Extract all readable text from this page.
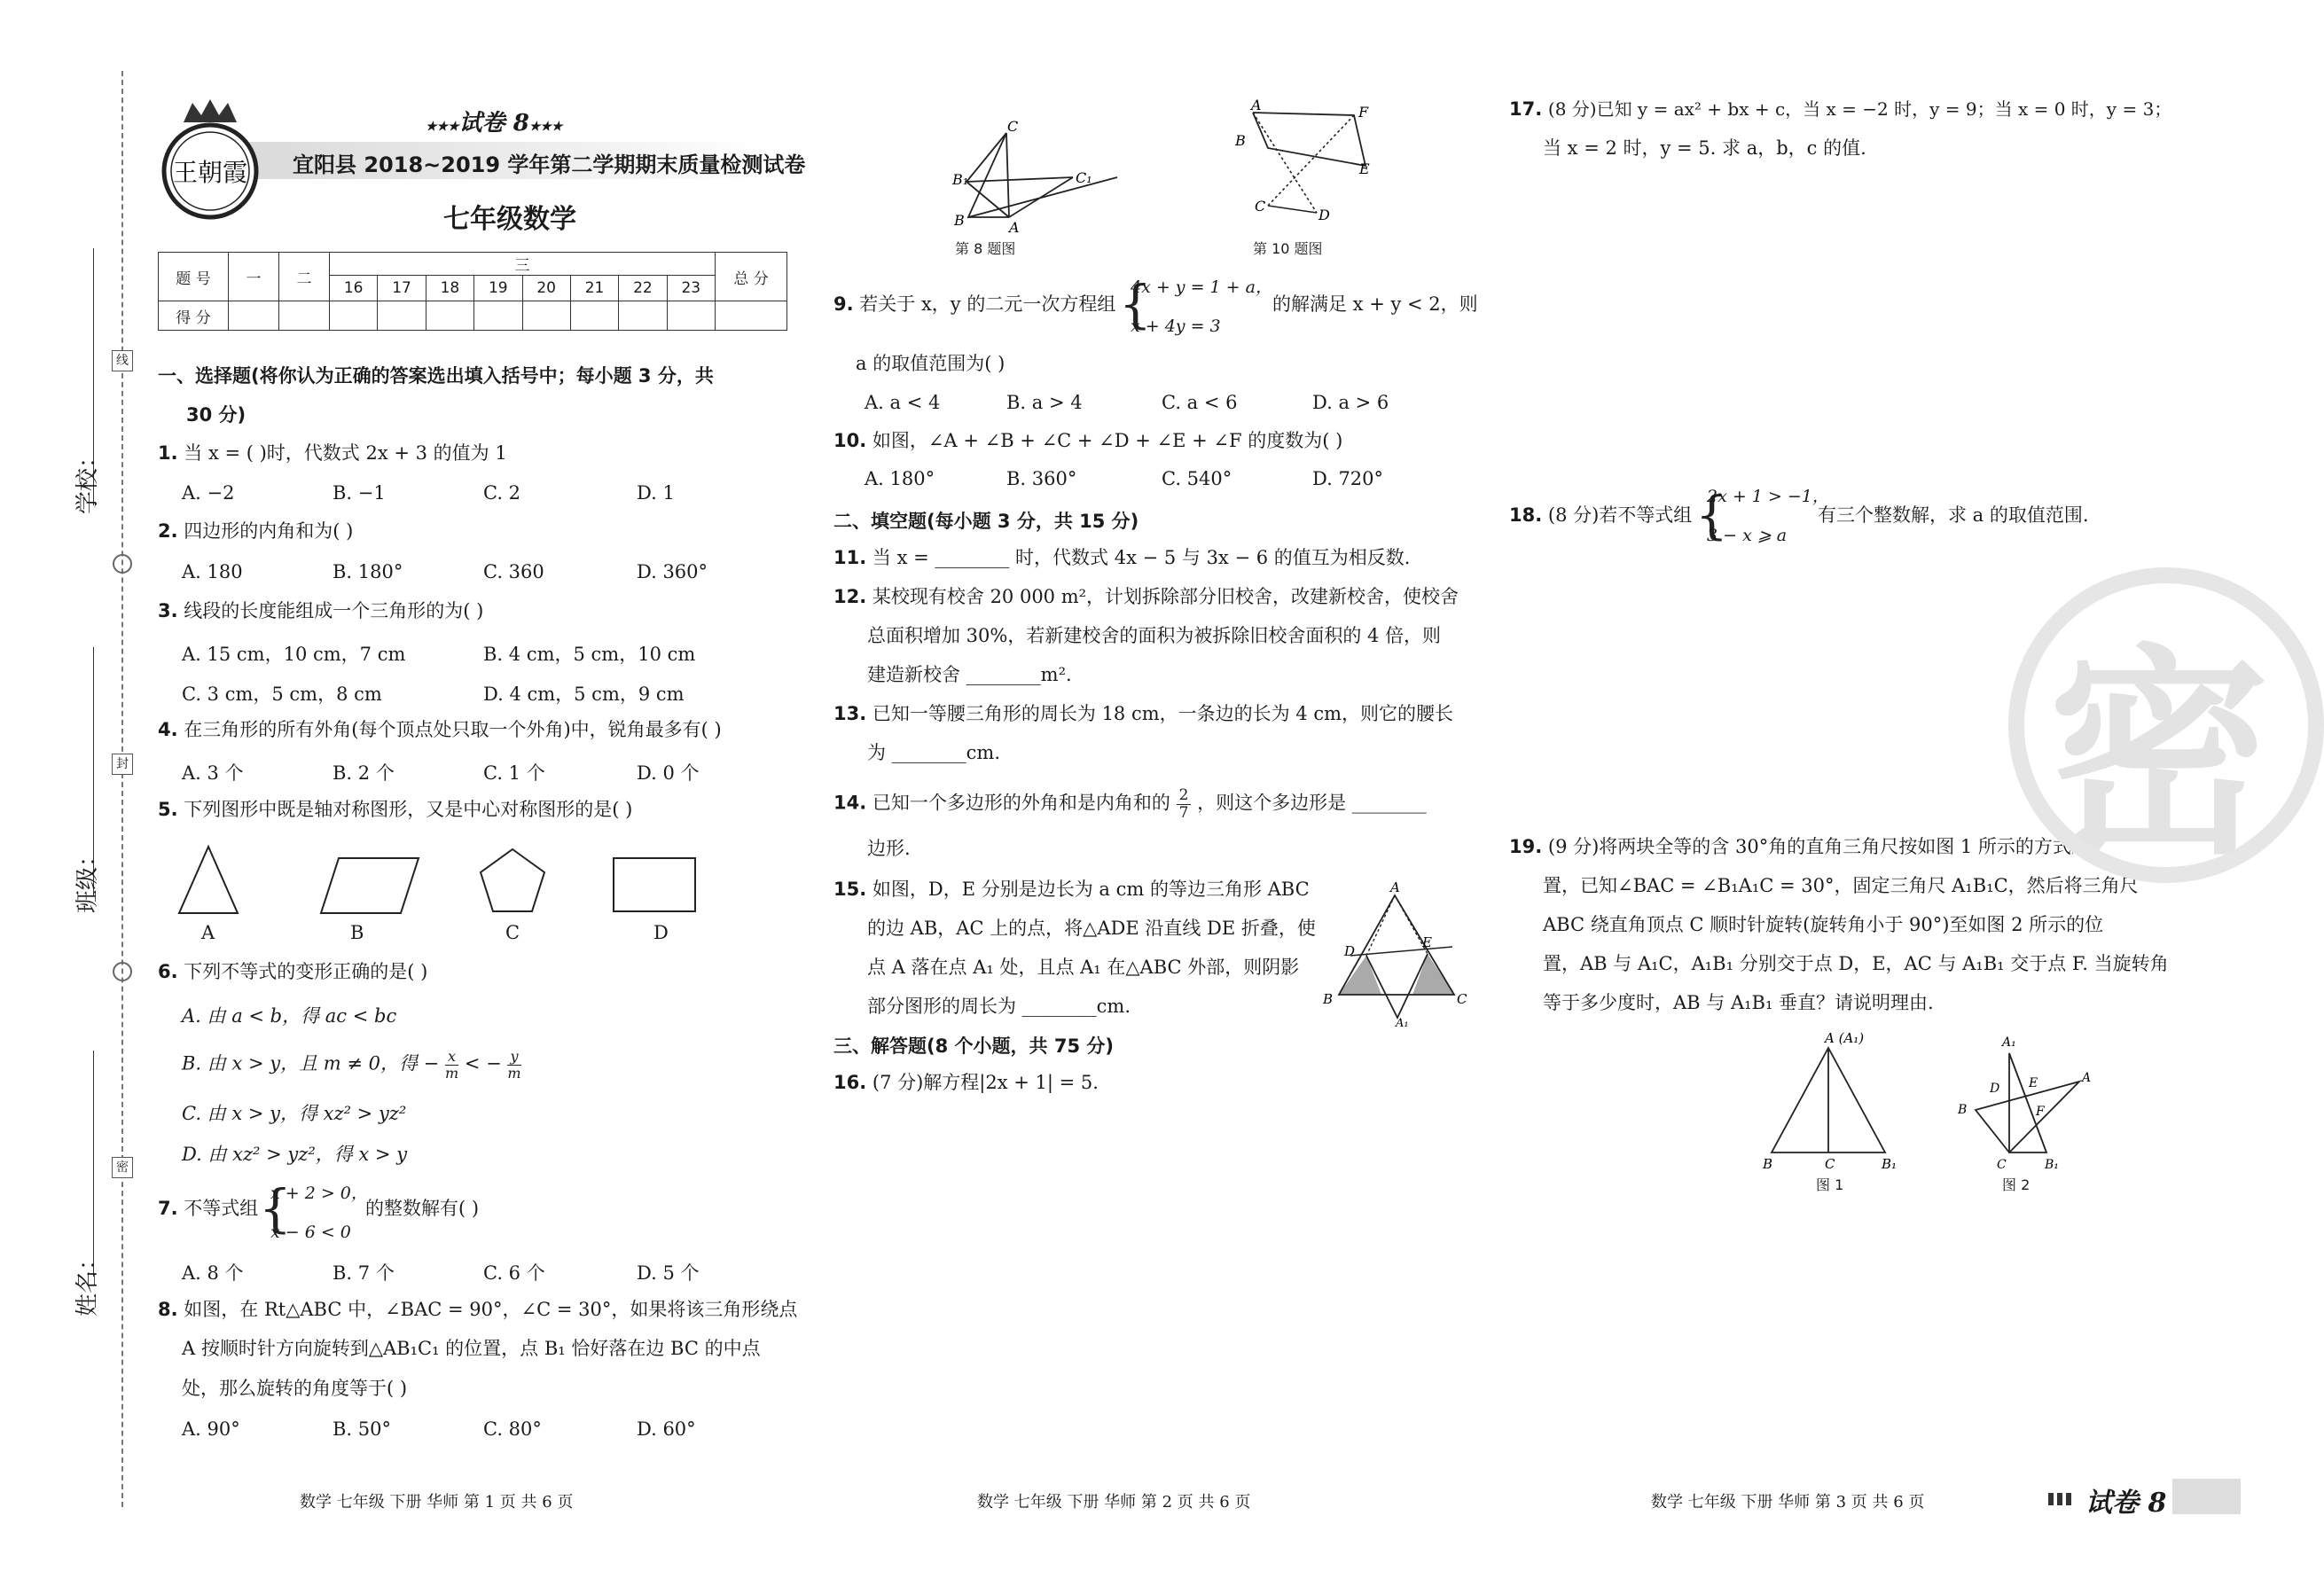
线
封
密
学校：
班级：
姓名：
王朝霞
★★★试卷 8★★★
宜阳县 2018~2019 学年第二学期期末质量检测试卷
七年级数学
题 号	一	二	三								总 分
			16	17	18	19	20	21	22	23	
得 分											
一、选择题(将你认为正确的答案选出填入括号中；每小题 3 分，共
30 分)
1. 当 x = ( )时，代数式 2x + 3 的值为 1
A. −2	B. −1	C. 2	D. 1
2. 四边形的内角和为( )
A. 180	B. 180°	C. 360	D. 360°
3. 线段的长度能组成一个三角形的为( )
A. 15 cm，10 cm，7 cm	B. 4 cm，5 cm，10 cm
C. 3 cm，5 cm，8 cm	D. 4 cm，5 cm，9 cm
4. 在三角形的所有外角(每个顶点处只取一个外角)中，锐角最多有( )
A. 3 个	B. 2 个	C. 1 个	D. 0 个
5. 下列图形中既是轴对称图形，又是中心对称图形的是( )
A	B	C	D
6. 下列不等式的变形正确的是( )
A. 由 a < b，得 ac < bc
B. 由 x > y，且 m ≠ 0，得 − $\frac{x}{m}$ < − $\frac{y}{m}$
C. 由 x > y，得 xz² > yz²
D. 由 xz² > yz²，得 x > y
7. 不等式组 {
x + 2 > 0，
x − 6 < 0
的整数解有( )
A. 8 个	B. 7 个	C. 6 个	D. 5 个
8. 如图，在 Rt△ABC 中，∠BAC = 90°，∠C = 30°，如果将该三角形绕点
A 按顺时针方向旋转到△AB₁C₁ 的位置，点 B₁ 恰好落在边 BC 的中点
处，那么旋转的角度等于( )
A. 90°	B. 50°	C. 80°	D. 60°
数学 七年级 下册 华师 第 1 页 共 6 页
C
B₁	C₁
B	A
第 8 题图
A
B
C
D
F
E
第 10 题图
9. 若关于 x，y 的二元一次方程组 {
4x + y = 1 + a，
x + 4y = 3
的解满足 x + y < 2，则
a 的取值范围为( )
A. a < 4	B. a > 4	C. a < 6	D. a > 6
10. 如图，∠A + ∠B + ∠C + ∠D + ∠E + ∠F 的度数为( )
A. 180°	B. 360°	C. 540°	D. 720°
二、填空题(每小题 3 分，共 15 分)
11. 当 x = ________ 时，代数式 4x − 5 与 3x − 6 的值互为相反数.
12. 某校现有校舍 20 000 m²，计划拆除部分旧校舍，改建新校舍，使校舍
总面积增加 30%，若新建校舍的面积为被拆除旧校舍面积的 4 倍，则
建造新校舍 ________m².
13. 已知一等腰三角形的周长为 18 cm，一条边的长为 4 cm，则它的腰长
为 ________cm.
14. 已知一个多边形的外角和是内角和的 $\frac{2}{7}$ ，则这个多边形是 ________
边形.
15. 如图，D，E 分别是边长为 a cm 的等边三角形 ABC
的边 AB，AC 上的点，将△ADE 沿直线 DE 折叠，使
点 A 落在点 A₁ 处，且点 A₁ 在△ABC 外部，则阴影
部分图形的周长为 ________cm.
A
D
E
B	C
A₁
三、解答题(8 个小题，共 75 分)
16. (7 分)解方程|2x + 1| = 5.
数学 七年级 下册 华师 第 2 页 共 6 页
17. (8 分)已知 y = ax² + bx + c，当 x = −2 时，y = 9；当 x = 0 时，y = 3；
当 x = 2 时，y = 5. 求 a，b，c 的值.
18. (8 分)若不等式组 {
2x + 1 > −1，
3 − x ⩾ a
有三个整数解，求 a 的取值范围.
19. (9 分)将两块全等的含 30°角的直角三角尺按如图 1 所示的方式放
置，已知∠BAC = ∠B₁A₁C = 30°，固定三角尺 A₁B₁C，然后将三角尺
ABC 绕直角顶点 C 顺时针旋转(旋转角小于 90°)至如图 2 所示的位
置，AB 与 A₁C，A₁B₁ 分别交于点 D，E，AC 与 A₁B₁ 交于点 F. 当旋转角
等于多少度时，AB 与 A₁B₁ 垂直？请说明理由.
A (A₁)
B	C	B₁
图 1
A₁
A
B
D E
F
C	B₁
图 2
密
数学 七年级 下册 华师 第 3 页 共 6 页	试卷 8
